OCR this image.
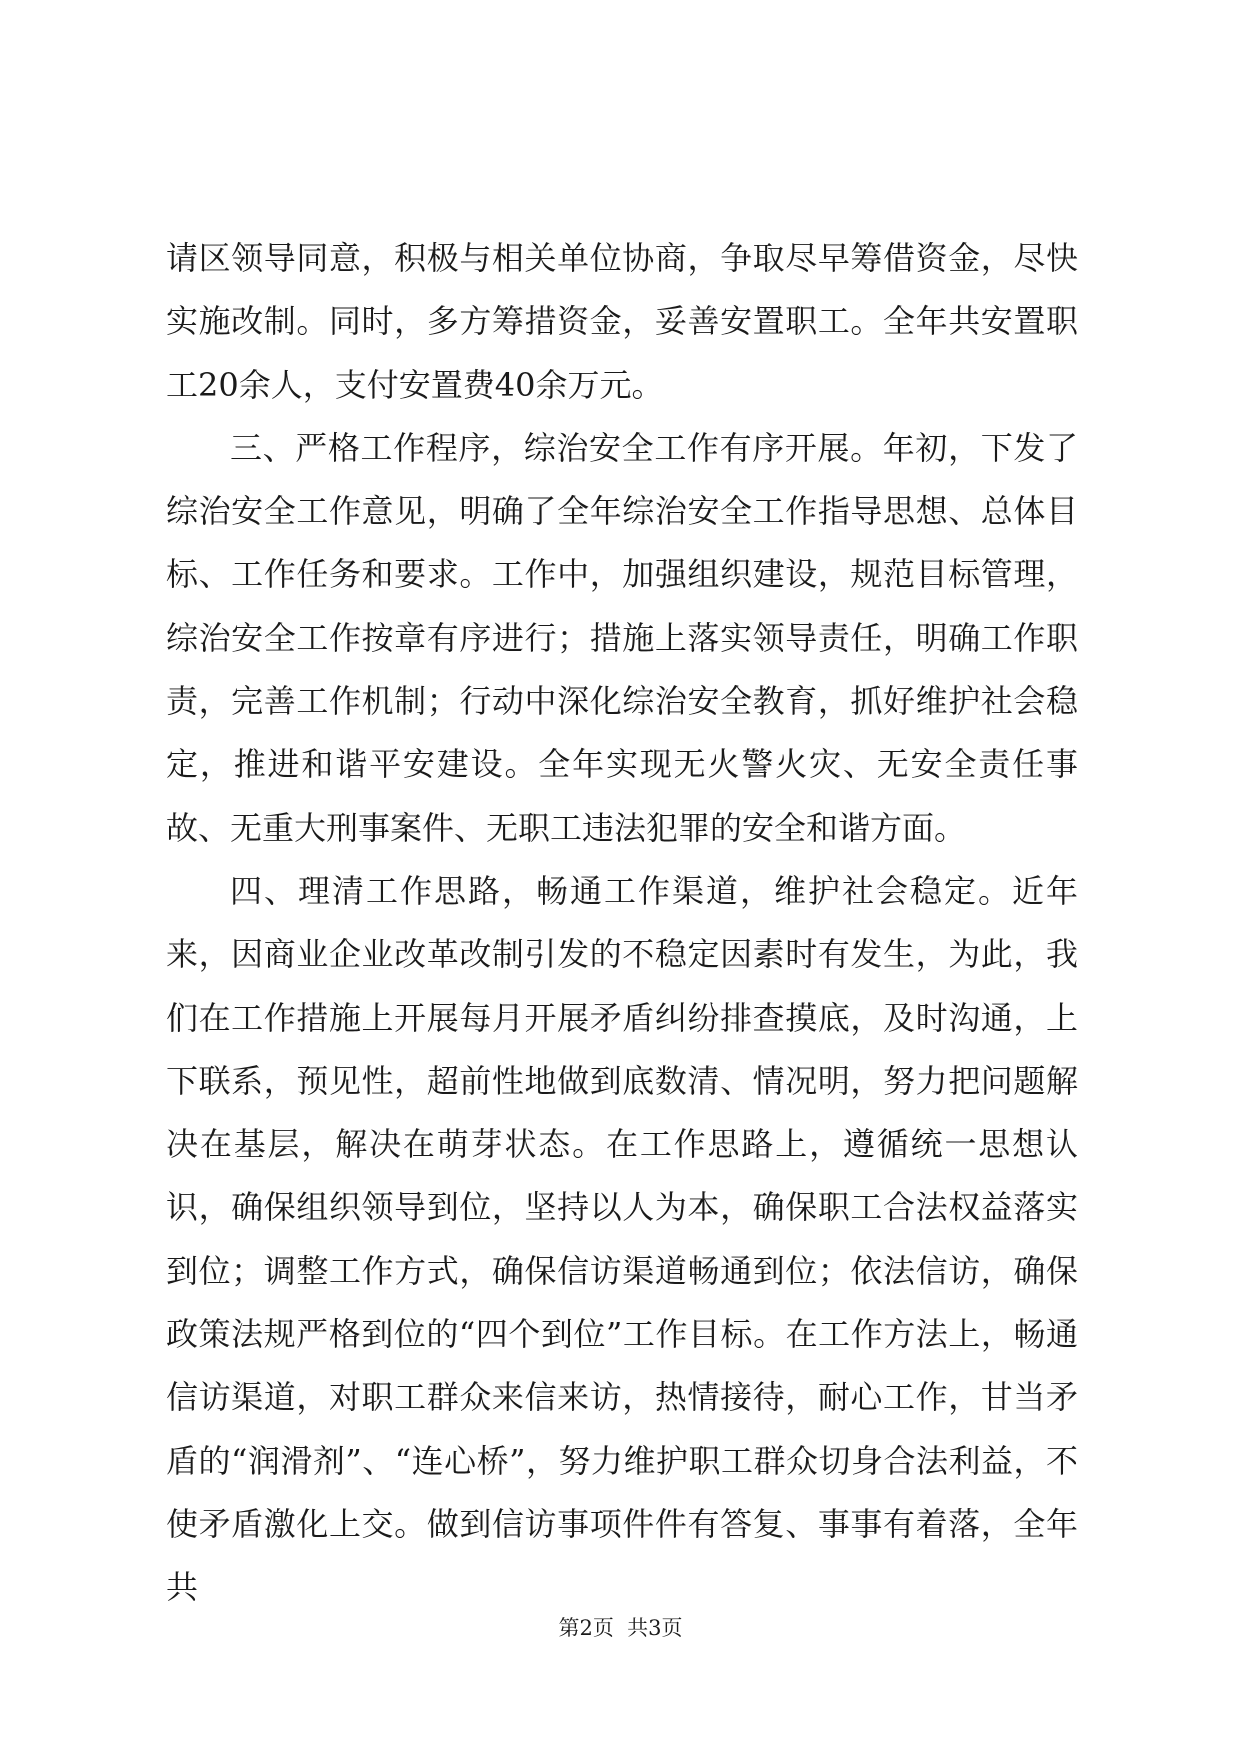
请区领导同意，积极与相关单位协商，争取尽早筹借资金，尽快实施改制。同时，多方筹措资金，妥善安置职工。全年共安置职工20余人，支付安置费40余万元。

三、严格工作程序，综治安全工作有序开展。年初，下发了综治安全工作意见，明确了全年综治安全工作指导思想、总体目标、工作任务和要求。工作中，加强组织建设，规范目标管理，综治安全工作按章有序进行；措施上落实领导责任，明确工作职责，完善工作机制；行动中深化综治安全教育，抓好维护社会稳定，推进和谐平安建设。全年实现无火警火灾、无安全责任事故、无重大刑事案件、无职工违法犯罪的安全和谐方面。

四、理清工作思路，畅通工作渠道，维护社会稳定。近年来，因商业企业改革改制引发的不稳定因素时有发生，为此，我们在工作措施上开展每月开展矛盾纠纷排查摸底，及时沟通，上下联系，预见性，超前性地做到底数清、情况明，努力把问题解决在基层，解决在萌芽状态。在工作思路上，遵循统一思想认识，确保组织领导到位，坚持以人为本，确保职工合法权益落实到位；调整工作方式，确保信访渠道畅通到位；依法信访，确保政策法规严格到位的“四个到位”工作目标。在工作方法上，畅通信访渠道，对职工群众来信来访，热情接待，耐心工作，甘当矛盾的“润滑剂”、“连心桥”，努力维护职工群众切身合法利益，不使矛盾激化上交。做到信访事项件件有答复、事事有着落，全年共

第2页  共3页
